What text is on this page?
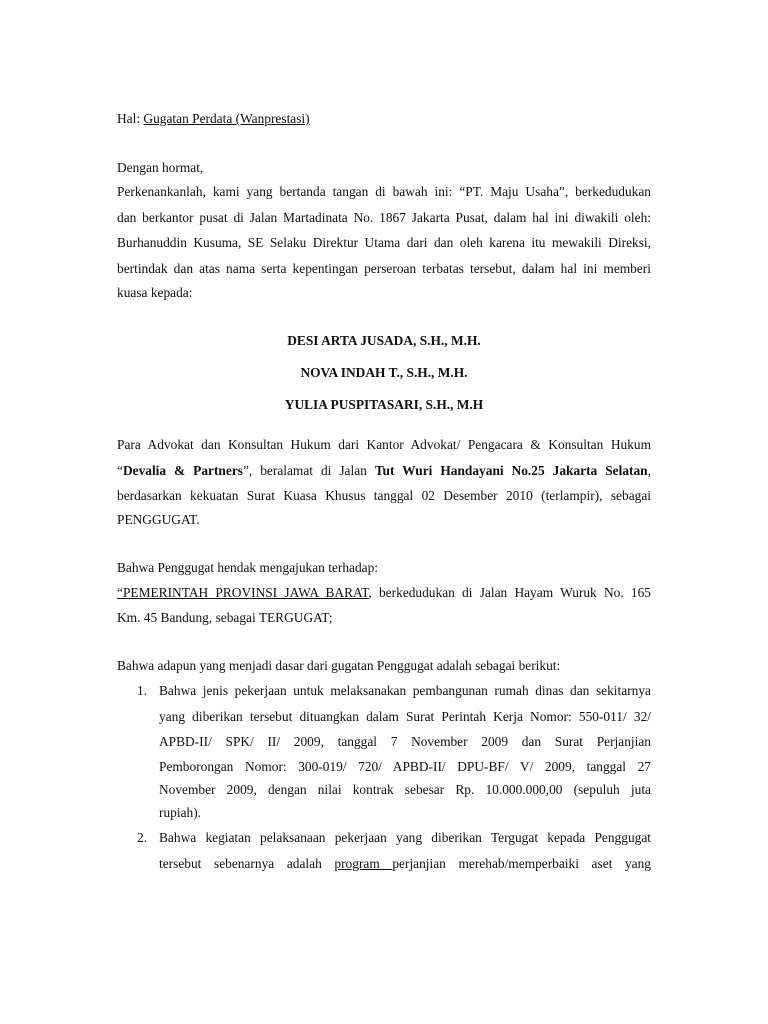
Hal: Gugatan Perdata (Wanprestasi)
Dengan hormat,
Perkenankanlah, kami yang bertanda tangan di bawah ini: “PT. Maju Usaha”, berkedudukan
dan berkantor pusat di Jalan Martadinata No. 1867 Jakarta Pusat, dalam hal ini diwakili oleh:
Burhanuddin Kusuma, SE Selaku Direktur Utama dari dan oleh karena itu mewakili Direksi,
bertindak dan atas nama serta kepentingan perseroan terbatas tersebut, dalam hal ini memberi
kuasa kepada:
DESI ARTA JUSADA, S.H., M.H.
NOVA INDAH T., S.H., M.H.
YULIA PUSPITASARI, S.H., M.H
Para Advokat dan Konsultan Hukum dari Kantor Advokat/ Pengacara & Konsultan Hukum
“Devalia & Partners”, beralamat di Jalan Tut Wuri Handayani No.25 Jakarta Selatan,
berdasarkan kekuatan Surat Kuasa Khusus tanggal 02 Desember 2010 (terlampir), sebagai
PENGGUGAT.
Bahwa Penggugat hendak mengajukan terhadap:
“PEMERINTAH PROVINSI JAWA BARAT, berkedudukan di Jalan Hayam Wuruk No. 165
Km. 45 Bandung, sebagai TERGUGAT;
Bahwa adapun yang menjadi dasar dari gugatan Penggugat adalah sebagai berikut:
1. Bahwa jenis pekerjaan untuk melaksanakan pembangunan rumah dinas dan sekitarnya
yang diberikan tersebut dituangkan dalam Surat Perintah Kerja Nomor: 550-011/ 32/
APBD-II/ SPK/ II/ 2009, tanggal 7 November 2009 dan Surat Perjanjian
Pemborongan Nomor: 300-019/ 720/ APBD-II/ DPU-BF/ V/ 2009, tanggal 27
November 2009, dengan nilai kontrak sebesar Rp. 10.000.000,00 (sepuluh juta
rupiah).
2. Bahwa kegiatan pelaksanaan pekerjaan yang diberikan Tergugat kepada Penggugat
tersebut sebenarnya adalah program perjanjian merehab/memperbaiki aset yang
